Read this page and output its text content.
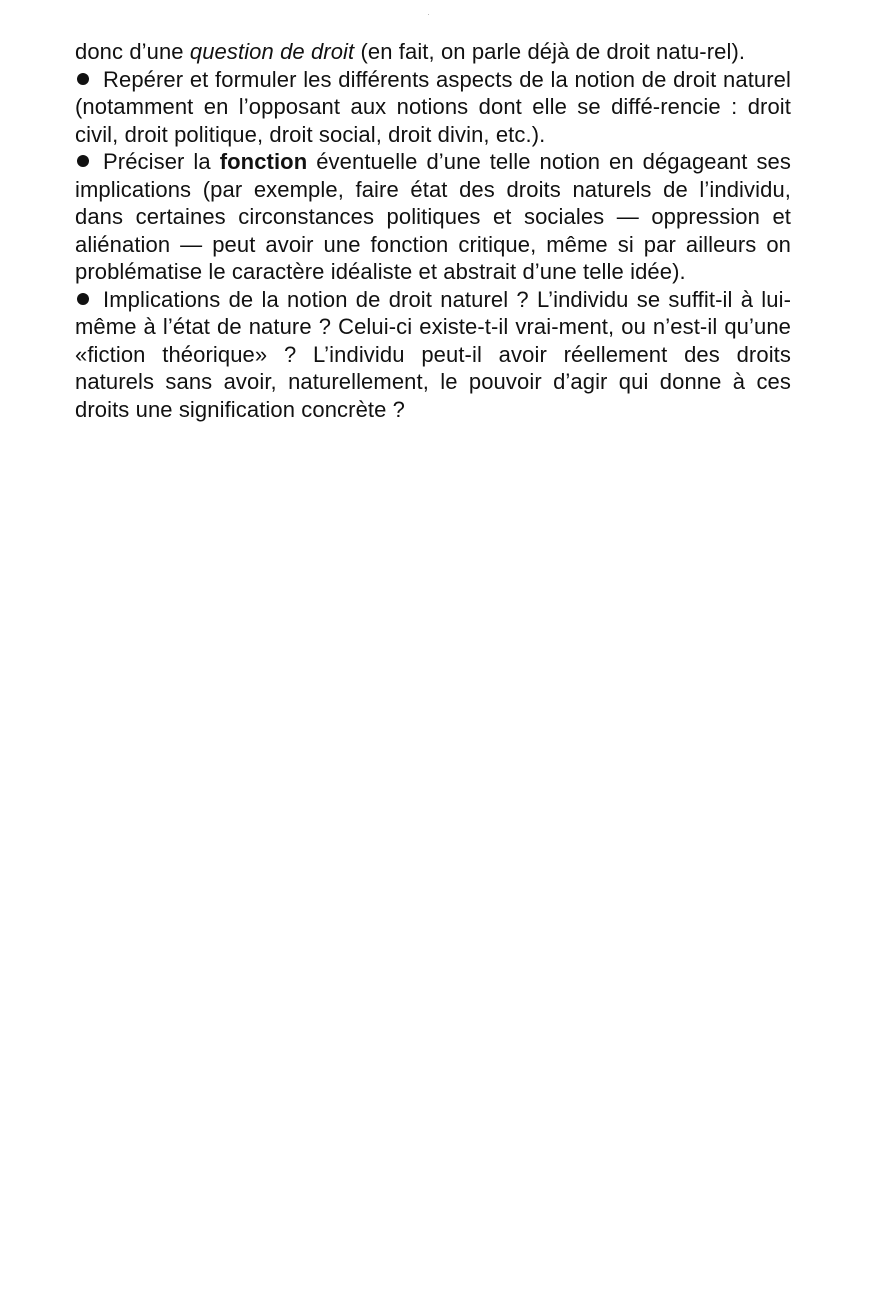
donc d’une question de droit (en fait, on parle déjà de droit natu-rel).

Repérer et formuler les différents aspects de la notion de droit naturel (notamment en l’opposant aux notions dont elle se diffé-rencie : droit civil, droit politique, droit social, droit divin, etc.).

Préciser la fonction éventuelle d’une telle notion en dégageant ses implications (par exemple, faire état des droits naturels de l’individu, dans certaines circonstances politiques et sociales — oppression et aliénation — peut avoir une fonction critique, même si par ailleurs on problématise le caractère idéaliste et abstrait d’une telle idée).

Implications de la notion de droit naturel ? L’individu se suffit-il à lui-même à l’état de nature ? Celui-ci existe-t-il vrai-ment, ou n’est-il qu’une «fiction théorique» ? L’individu peut-il avoir réellement des droits naturels sans avoir, naturellement, le pouvoir d’agir qui donne à ces droits une signification concrète ?
